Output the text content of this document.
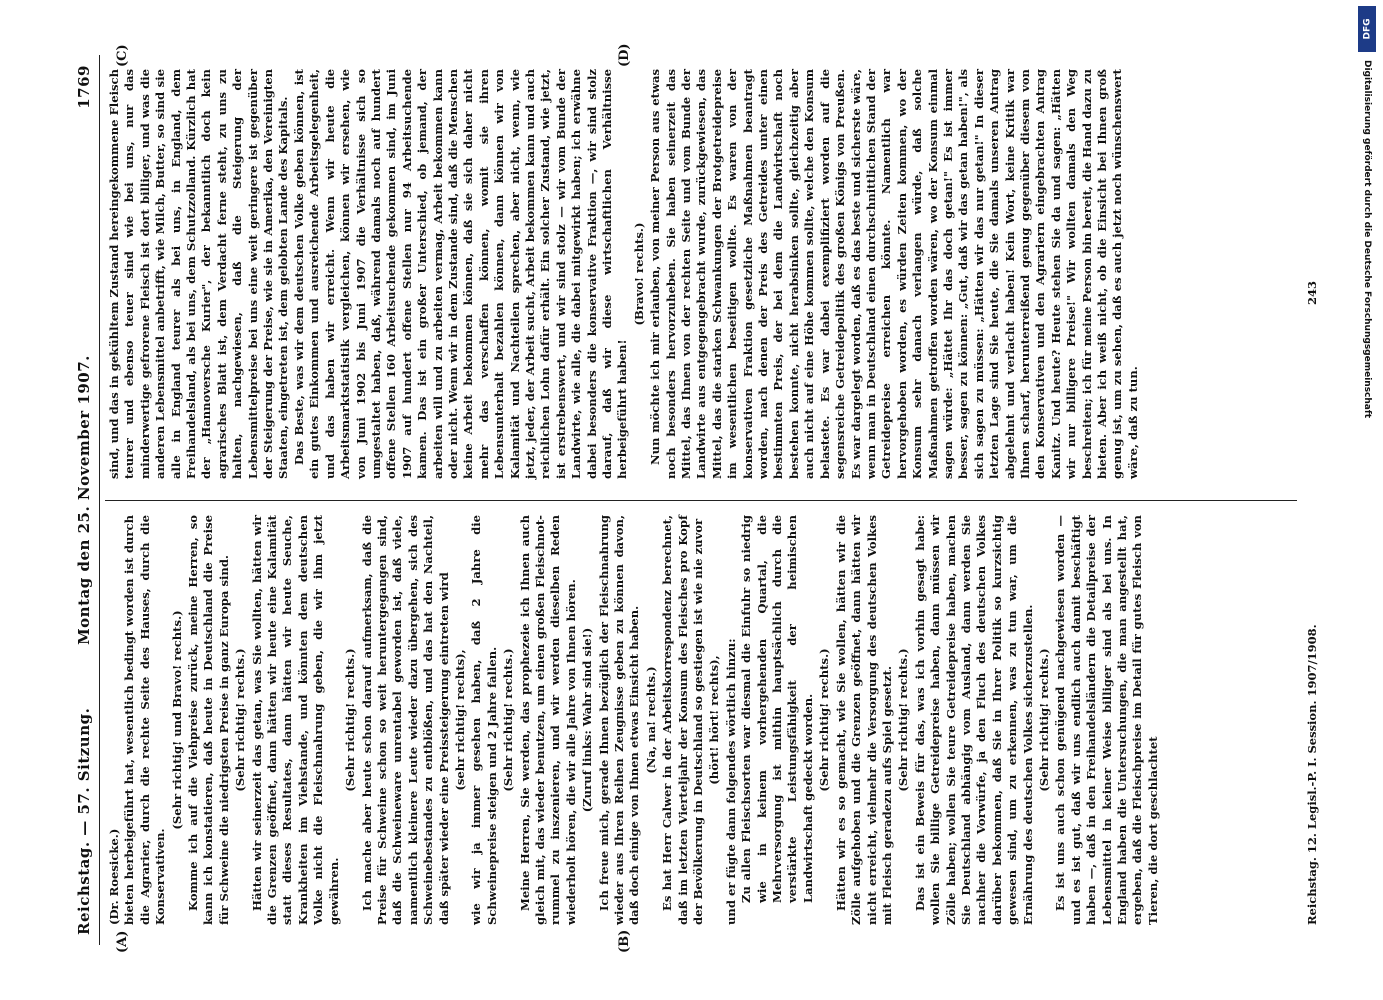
Reichstag. — 57. Sitzung.
Montag den 25. November 1907.
1769
(A)	(B)
(C)	(D)

(Dr. Roesicke.) bieten herbeigeführt hat, wesentlich bedingt worden ist durch die Agrarier, durch die rechte Seite des Hauses, durch die Konservativen.

(Sehr richtig! und Bravo! rechts.) Komme ich auf die Viehpreise zurück, meine Herren, so kann ich konstatieren, daß heute in Deutschland die Preise für Schweine die niedrigsten Preise in ganz Europa sind. (Sehr richtig! rechts.) Hätten wir seinerzeit das getan, was Sie wollten, hätten wir die Grenzen geöffnet, dann hätten wir heute eine Kalamität statt dieses Resultates, dann hätten wir heute Seuche, Krankheiten im Viehstande, und könnten dem deutschen Volke nicht die Fleischnahrung geben, die wir ihm jetzt gewähren.

(Sehr richtig! rechts.) Ich mache aber heute schon darauf aufmerksam, daß die Preise für Schweine schon so weit heruntergegangen sind, daß die Schweineware unrentabel geworden ist, daß viele, namentlich kleinere Leute wieder dazu übergehen, sich des Schweinebestandes zu entblößen, und das hat den Nachteil, daß später wieder eine Preissteigerung eintreten wird (sehr richtig! rechts), wie wir ja immer gesehen haben, daß 2 Jahre die Schweinepreise steigen und 2 Jahre fallen. (Sehr richtig! rechts.) Meine Herren, Sie werden, das prophezeie ich Ihnen auch gleich mit, das wieder benutzen, um einen großen Fleischnot-rummel zu inszenieren, und wir werden dieselben Reden wiederholt hören, die wir alle Jahre von Ihnen hören. (Zuruf links: Wahr sind sie!) Ich freue mich, gerade Ihnen bezüglich der Fleischnahrung wieder aus Ihren Reihen Zeugnisse geben zu können davon, daß doch einige von Ihnen etwas Einsicht haben. (Na, na! rechts.) Es hat Herr Calwer in der Arbeitskorrespondenz berechnet, daß im letzten Vierteljahr der Konsum des Fleisches pro Kopf der Bevölkerung in Deutschland so gestiegen ist wie nie zuvor (hört! hört! rechts), und er fügte dann folgendes wörtlich hinzu: Zu allen Fleischsorten war diesmal die Einfuhr so niedrig wie in keinem vorhergehenden Quartal, die Mehrversorgung ist mithin hauptsächlich durch die verstärkte Leistungsfähigkeit der heimischen Landwirtschaft gedeckt worden. (Sehr richtig! rechts.) Hätten wir es so gemacht, wie Sie wollen, hätten wir die Zölle aufgehoben und die Grenzen geöffnet, dann hätten wir nicht erreicht, vielmehr die Versorgung des deutschen Volkes mit Fleisch geradezu aufs Spiel gesetzt. (Sehr richtig! rechts.) Das ist ein Beweis für das, was ich vorhin gesagt habe: wollen Sie billige Getreidepreise haben, dann müssen wir Zölle haben; wollen Sie teure Getreidepreise haben, machen Sie Deutschland abhängig vom Ausland, dann werden Sie nachher die Vorwürfe, ja den Fluch des deutschen Volkes darüber bekommen, daß Sie in Ihrer Politik so kurzsichtig gewesen sind, um zu erkennen, was zu tun war, um die Ernährung des deutschen Volkes sicherzustellen. (Sehr richtig! rechts.) Es ist uns auch schon genügend nachgewiesen worden — und es ist gut, daß wir uns endlich auch damit beschäftigt haben —, daß in den Freihandelsländern die Detailpreise der Lebensmittel in keiner Weise billiger sind als bei uns. In England haben die Untersuchungen, die man angestellt hat, ergeben, daß die Fleischpreise im Detail für gutes Fleisch von Tieren, die dort geschlachtet

sind, und das in gekühltem Zustand hereingekommene Fleisch teurer und ebenso teuer sind wie bei uns, nur das minderwertige gefrorene Fleisch ist dort billiger, und was die anderen Lebensmittel anbetrifft, wie Milch, Butter, so sind sie alle in England teurer als bei uns, in England, dem Freihandelsland, als bei uns, dem Schutzzolland. Kürzlich hat der „Hannoversche Kurier", der bekanntlich doch kein agrarisches Blatt ist, dem Verdacht ferne steht, zu uns zu halten, nachgewiesen, daß die Steigerung der Lebensmittelpreise bei uns eine weit geringere ist gegenüber der Steigerung der Preise, wie sie in Amerika, den Vereinigten Staaten, eingetreten ist, dem gelobten Lande des Kapitals. Das Beste, was wir dem deutschen Volke geben können, ist ein gutes Einkommen und ausreichende Arbeitsgelegenheit, und das haben wir erreicht. Wenn wir heute die Arbeitsmarktstatistik vergleichen, können wir ersehen, wie von Juni 1902 bis Juni 1907 die Verhältnisse sich so umgestaltet haben, daß, während damals noch auf hundert offene Stellen 160 Arbeitsuchende gekommen sind, im Juni 1907 auf hundert offene Stellen nur 94 Arbeitsuchende kamen. Das ist ein großer Unterschied, ob jemand, der arbeiten will und zu arbeiten vermag, Arbeit bekommen kann oder nicht. Wenn wir in dem Zustande sind, daß die Menschen keine Arbeit bekommen können, daß sie sich daher nicht mehr das verschaffen können, womit sie ihren Lebensunterhalt bezahlen können, dann können wir von Kalamität und Nachteilen sprechen, aber nicht, wenn, wie jetzt, jeder, der Arbeit sucht, Arbeit bekommen kann und auch reichlichen Lohn dafür erhält. Ein solcher Zustand, wie jetzt, ist erstrebenswert, und wir sind stolz — wir vom Bunde der Landwirte, wie alle, die dabei mitgewirkt haben; ich erwähne dabei besonders die konservative Fraktion —, wir sind stolz darauf, daß wir diese wirtschaftlichen Verhältnisse herbeigeführt haben!

(Bravo! rechts.) Nun möchte ich mir erlauben, von meiner Person aus etwas noch besonders hervorzuheben. Sie haben seinerzeit das Mittel, das Ihnen von der rechten Seite und vom Bunde der Landwirte aus entgegengebracht wurde, zurückgewiesen, das Mittel, das die starken Schwankungen der Brotgetreidepreise im wesentlichen beseitigen wollte. Es waren von der konservativen Fraktion gesetzliche Maßnahmen beantragt worden, nach denen der Preis des Getreides unter einen bestimmten Preis, der bei dem die Landwirtschaft noch bestehen konnte, nicht herabsinken sollte, gleichzeitig aber auch nicht auf eine Höhe kommen sollte, welche den Konsum belastete. Es war dabei exemplifiziert worden auf die segensreiche Getreidepolitik des großen Königs von Preußen. Es war dargelegt worden, daß es das beste und sicherste wäre, wenn man in Deutschland einen durchschnittlichen Stand der Getreidepreise erreichen könnte. Namentlich war hervorgehoben worden, es würden Zeiten kommen, wo der Konsum sehr danach verlangen würde, daß solche Maßnahmen getroffen worden wären, wo der Konsum einmal sagen würde: „Hättet Ihr das doch getan!" Es ist immer besser, sagen zu können: „Gut, daß wir das getan haben!", als sich sagen zu müssen: „Hätten wir das nur getan!" In dieser letzten Lage sind Sie heute, die Sie damals unseren Antrag abgelehnt und verlacht haben! Kein Wort, keine Kritik war Ihnen scharf, herunterreißend genug gegenüber diesem von den Konservativen und den Agrariern eingebrachten Antrag Kanitz. Und heute? Heute stehen Sie da und sagen: „Hätten wir nur billigere Preise!" Wir wollten damals den Weg beschreiten; ich für meine Person bin bereit, die Hand dazu zu bieten. Aber ich weiß nicht, ob die Einsicht bei Ihnen groß genug ist, um zu sehen, daß es auch jetzt noch wünschenswert wäre, daß zu tun.

Reichstag. 12. Legisl.-P. I. Session. 1907/1908.
243
DFG
Digitalisierung gefördert durch die Deutsche Forschungsgemeinschaft
